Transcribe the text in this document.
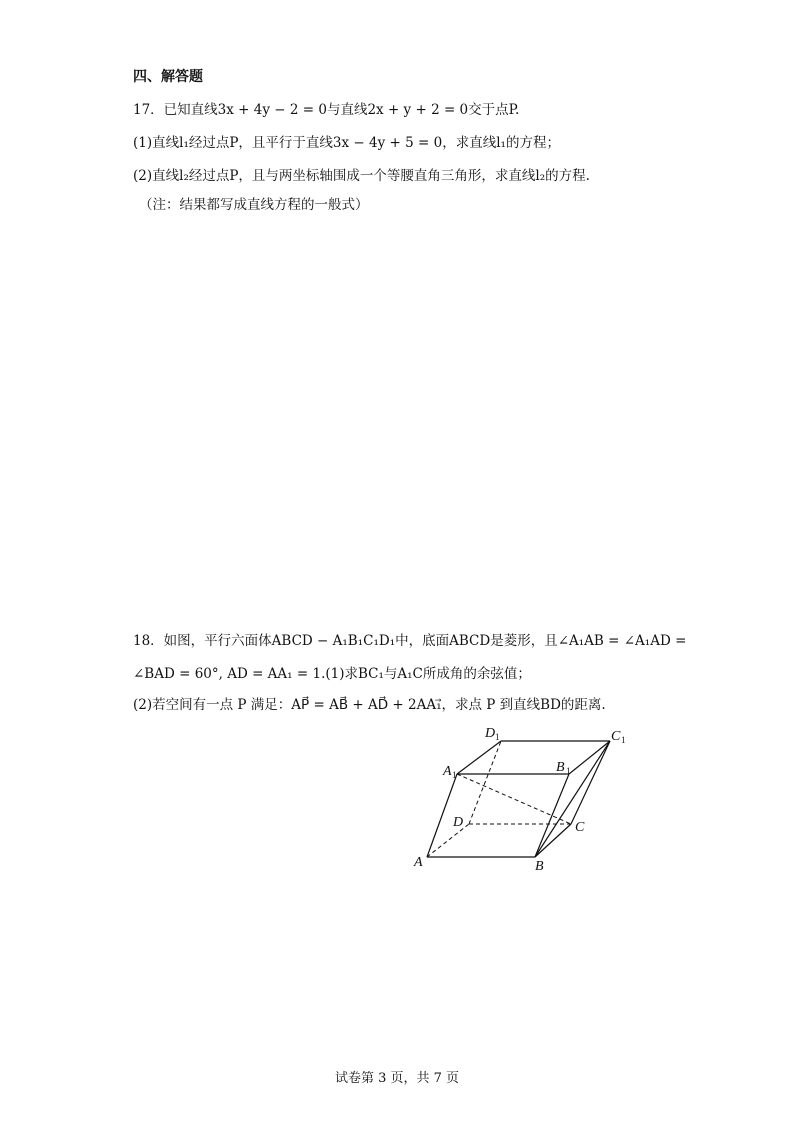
四、解答题
17．已知直线3x + 4y − 2 = 0与直线2x + y + 2 = 0交于点P.
(1)直线l₁经过点P，且平行于直线3x − 4y + 5 = 0，求直线l₁的方程；
(2)直线l₂经过点P，且与两坐标轴围成一个等腰直角三角形，求直线l₂的方程.
（注：结果都写成直线方程的一般式）
18．如图，平行六面体ABCD − A₁B₁C₁D₁中，底面ABCD是菱形，且∠A₁AB = ∠A₁AD =
∠BAD = 60°, AD = AA₁ = 1.(1)求BC₁与A₁C所成角的余弦值；
(2)若空间有一点 P 满足：AP⃗ = AB⃗ + AD⃗ + 2AA₁⃗，求点 P 到直线BD的距离.
D 1	C 1
A 1	B 1
D	C
A	B
试卷第 3 页，共 7 页
